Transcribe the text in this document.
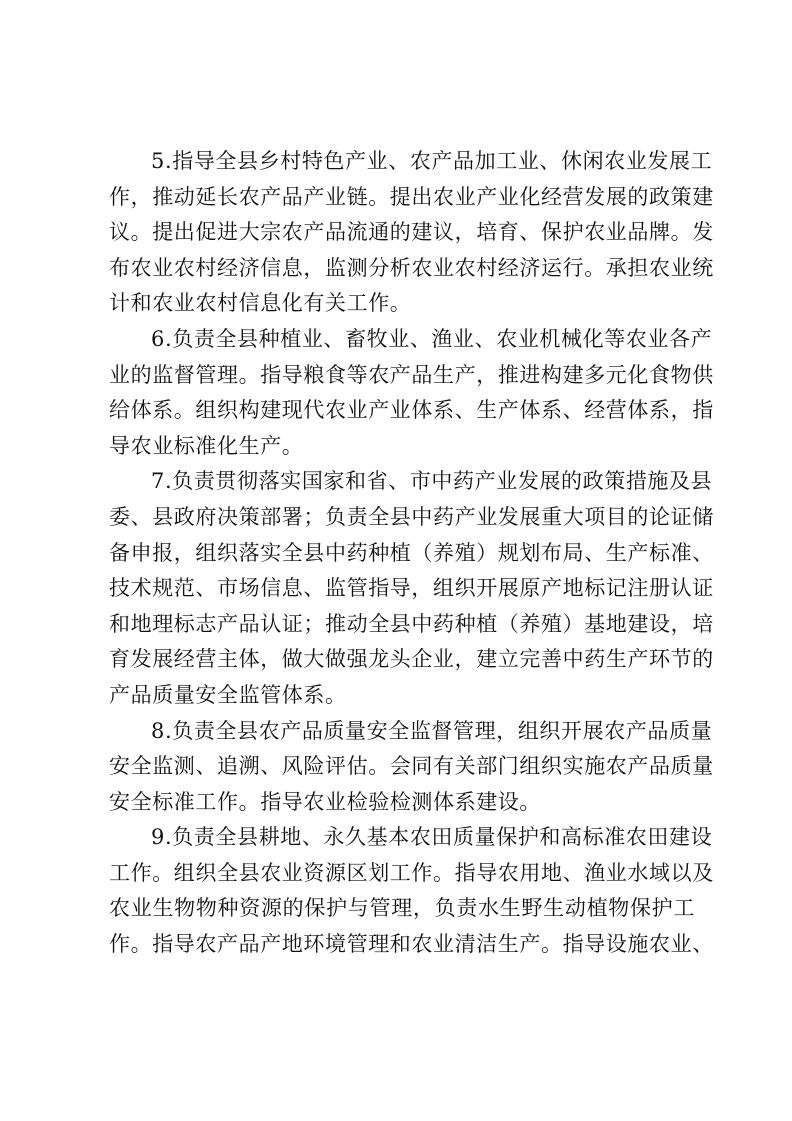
5.指导全县乡村特色产业、农产品加工业、休闲农业发展工
作，推动延长农产品产业链。提出农业产业化经营发展的政策建
议。提出促进大宗农产品流通的建议，培育、保护农业品牌。发
布农业农村经济信息，监测分析农业农村经济运行。承担农业统
计和农业农村信息化有关工作。
6.负责全县种植业、畜牧业、渔业、农业机械化等农业各产
业的监督管理。指导粮食等农产品生产，推进构建多元化食物供
给体系。组织构建现代农业产业体系、生产体系、经营体系，指
导农业标准化生产。
7.负责贯彻落实国家和省、市中药产业发展的政策措施及县
委、县政府决策部署；负责全县中药产业发展重大项目的论证储
备申报，组织落实全县中药种植（养殖）规划布局、生产标准、
技术规范、市场信息、监管指导，组织开展原产地标记注册认证
和地理标志产品认证；推动全县中药种植（养殖）基地建设，培
育发展经营主体，做大做强龙头企业，建立完善中药生产环节的
产品质量安全监管体系。
8.负责全县农产品质量安全监督管理，组织开展农产品质量
安全监测、追溯、风险评估。会同有关部门组织实施农产品质量
安全标准工作。指导农业检验检测体系建设。
9.负责全县耕地、永久基本农田质量保护和高标准农田建设
工作。组织全县农业资源区划工作。指导农用地、渔业水域以及
农业生物物种资源的保护与管理，负责水生野生动植物保护工
作。指导农产品产地环境管理和农业清洁生产。指导设施农业、
